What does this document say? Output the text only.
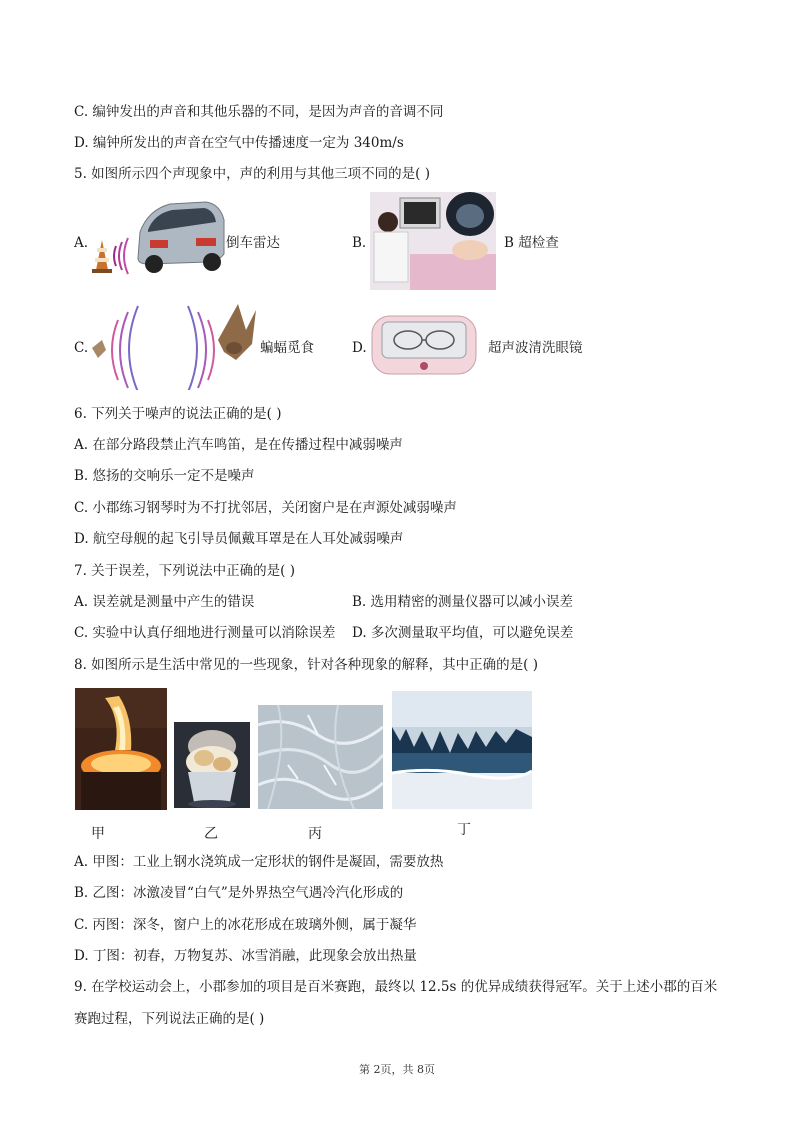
C. 编钟发出的声音和其他乐器的不同，是因为声音的音调不同
D. 编钟所发出的声音在空气中传播速度一定为 340m/s
5. 如图所示四个声现象中，声的利用与其他三项不同的是( )
A.	倒车雷达	B.	B 超检查
C.	蝙蝠觅食	D.	超声波清洗眼镜
6. 下列关于噪声的说法正确的是( )
A. 在部分路段禁止汽车鸣笛，是在传播过程中减弱噪声
B. 悠扬的交响乐一定不是噪声
C. 小郡练习钢琴时为不打扰邻居，关闭窗户是在声源处减弱噪声
D. 航空母舰的起飞引导员佩戴耳罩是在人耳处减弱噪声
7. 关于误差，下列说法中正确的是( )
A. 误差就是测量中产生的错误	B. 选用精密的测量仪器可以减小误差
C. 实验中认真仔细地进行测量可以消除误差 D. 多次测量取平均值，可以避免误差
8. 如图所示是生活中常见的一些现象，针对各种现象的解释，其中正确的是( )
甲	乙	丙	丁
A. 甲图：工业上钢水浇筑成一定形状的钢件是凝固，需要放热
B. 乙图：冰激凌冒“白气”是外界热空气遇冷汽化形成的
C. 丙图：深冬，窗户上的冰花形成在玻璃外侧，属于凝华
D. 丁图：初春，万物复苏、冰雪消融，此现象会放出热量
9. 在学校运动会上，小郡参加的项目是百米赛跑，最终以 12.5s 的优异成绩获得冠军。关于上述小郡的百米
赛跑过程，下列说法正确的是( )
第 2页，共 8页
